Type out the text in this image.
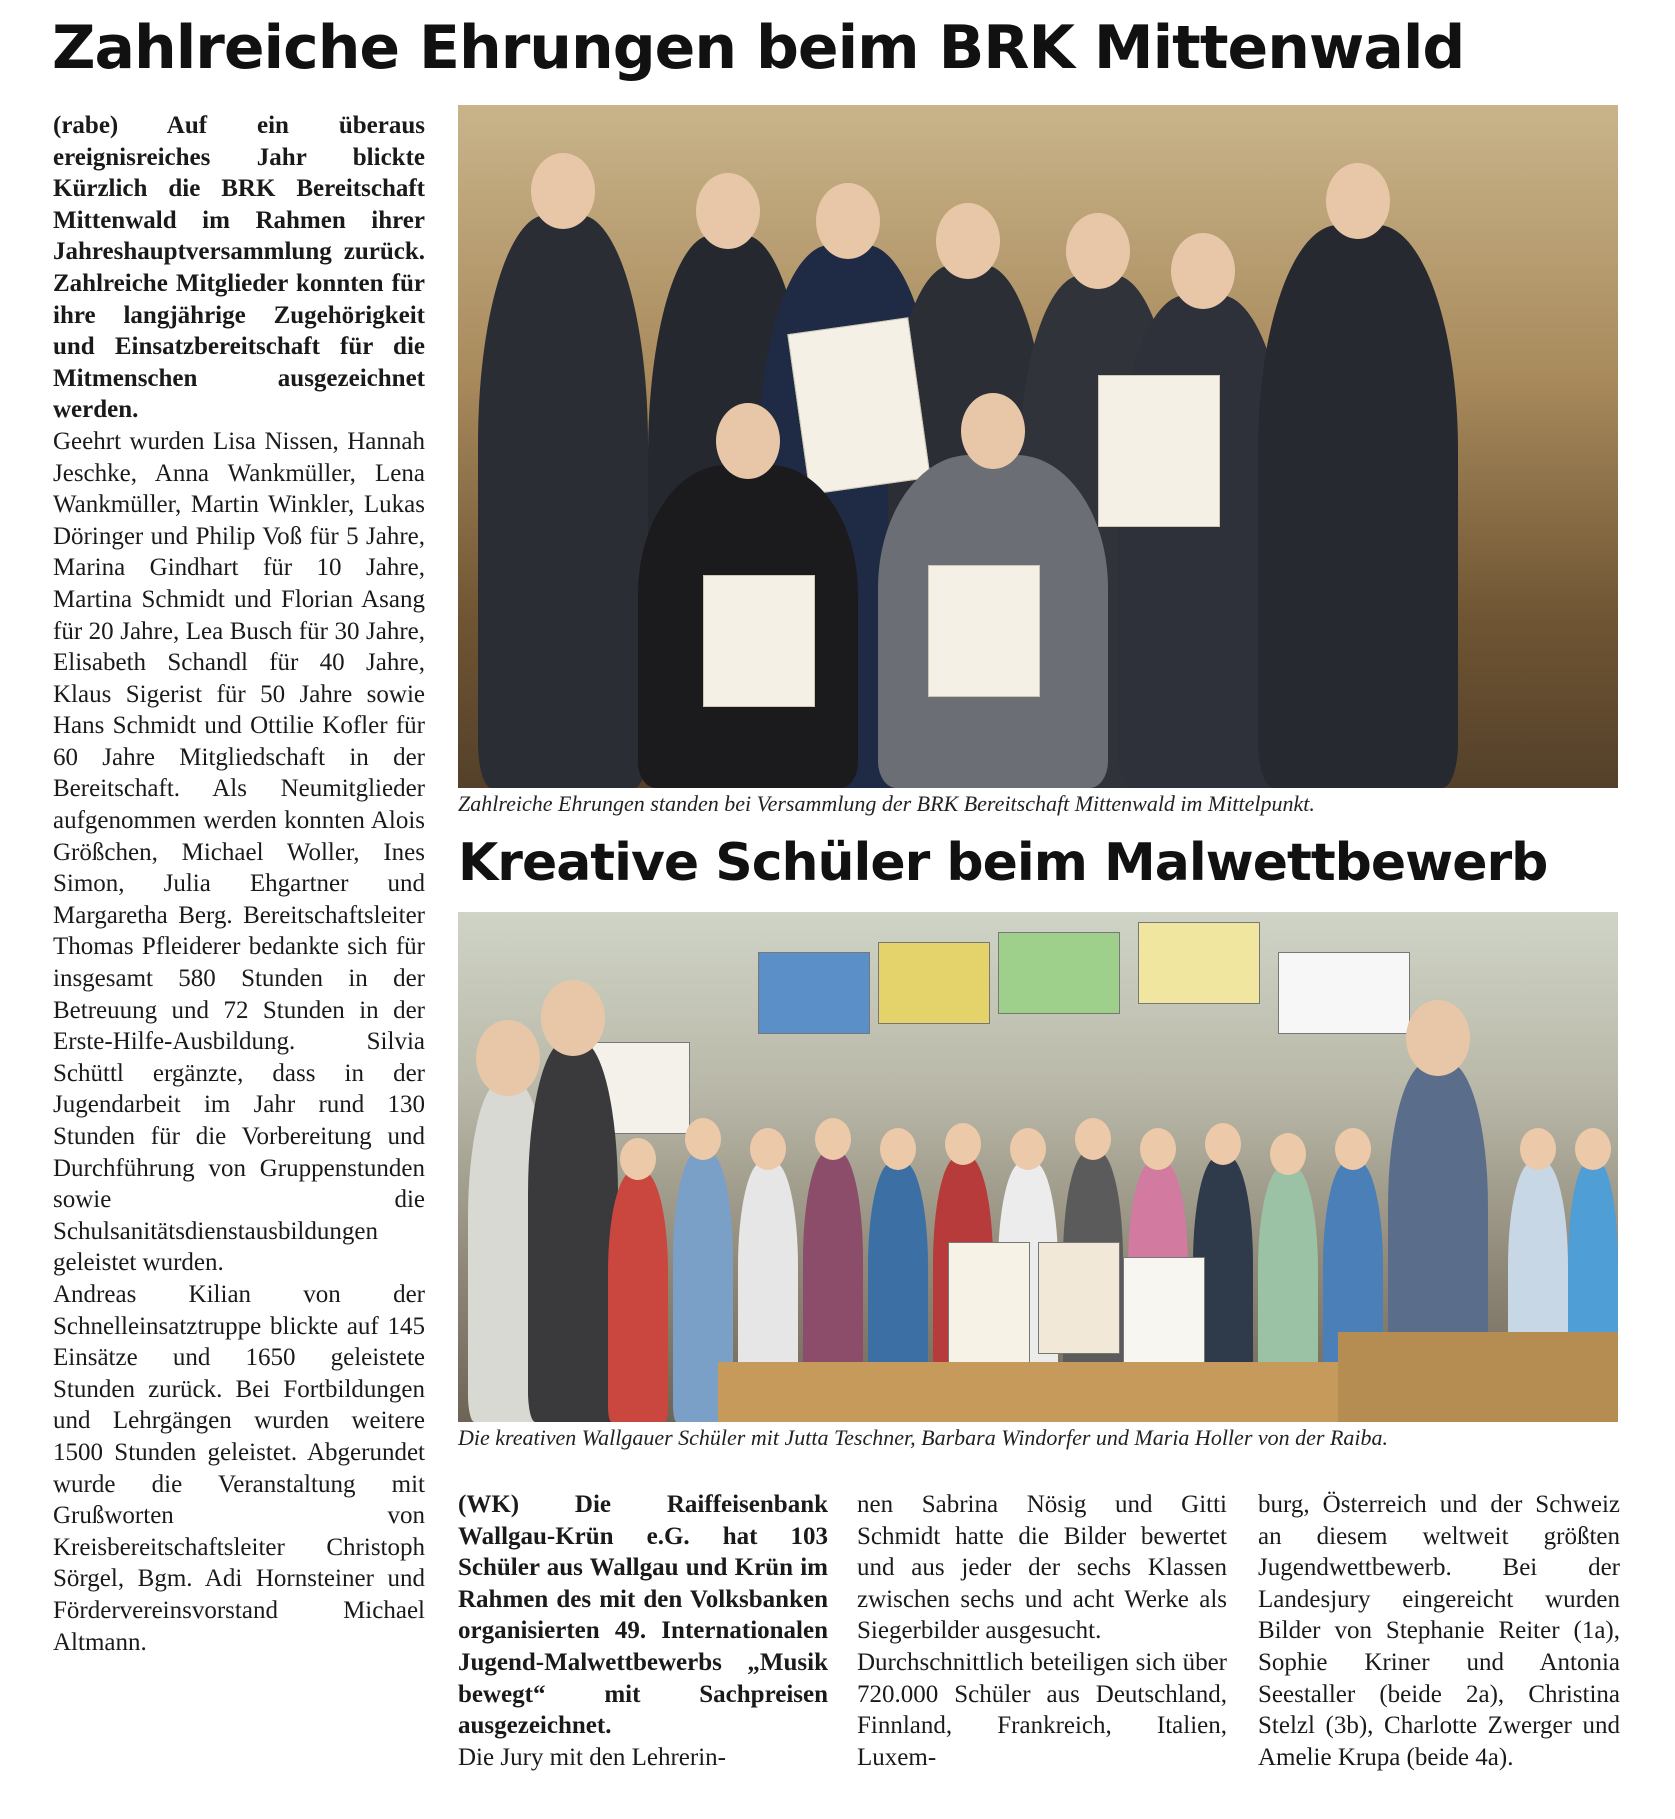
Zahlreiche Ehrungen beim BRK Mittenwald

(rabe) Auf ein überaus ereignisreiches Jahr blickte Kürzlich die BRK Bereitschaft Mittenwald im Rahmen ihrer Jahreshauptversammlung zurück. Zahlreiche Mitglieder konnten für ihre langjährige Zugehörigkeit und Einsatzbereitschaft für die Mitmenschen ausgezeichnet werden.

Geehrt wurden Lisa Nissen, Hannah Jeschke, Anna Wankmüller, Lena Wankmüller, Martin Winkler, Lukas Döringer und Philip Voß für 5 Jahre, Marina Gindhart für 10 Jahre, Martina Schmidt und Florian Asang für 20 Jahre, Lea Busch für 30 Jahre, Elisabeth Schandl für 40 Jahre, Klaus Sigerist für 50 Jahre sowie Hans Schmidt und Ottilie Kofler für 60 Jahre Mitgliedschaft in der Bereitschaft. Als Neumitglieder aufgenommen werden konnten Alois Größchen, Michael Woller, Ines Simon, Julia Ehgartner und Margaretha Berg. Bereitschaftsleiter Thomas Pfleiderer bedankte sich für insgesamt 580 Stunden in der Betreuung und 72 Stunden in der Erste-Hilfe-Ausbildung. Silvia Schüttl ergänzte, dass in der Jugendarbeit im Jahr rund 130 Stunden für die Vorbereitung und Durchführung von Gruppenstunden sowie die Schulsanitätsdienstausbildungen geleistet wurden.

Andreas Kilian von der Schnelleinsatztruppe blickte auf 145 Einsätze und 1650 geleistete Stunden zurück. Bei Fortbildungen und Lehrgängen wurden weitere 1500 Stunden geleistet. Abgerundet wurde die Veranstaltung mit Grußworten von Kreisbereitschaftsleiter Christoph Sörgel, Bgm. Adi Hornsteiner und Fördervereinsvorstand Michael Altmann.

Zahlreiche Ehrungen standen bei Versammlung der BRK Bereitschaft Mittenwald im Mittelpunkt.

Kreative Schüler beim Malwettbewerb

Die kreativen Wallgauer Schüler mit Jutta Teschner, Barbara Windorfer und Maria Holler von der Raiba.

(WK) Die Raiffeisenbank Wallgau-Krün e.G. hat 103 Schüler aus Wallgau und Krün im Rahmen des mit den Volksbanken organisierten 49. Internationalen Jugend-Malwettbewerbs „Musik bewegt“ mit Sachpreisen ausgezeichnet.

Die Jury mit den Lehrerin-

nen Sabrina Nösig und Gitti Schmidt hatte die Bilder bewertet und aus jeder der sechs Klassen zwischen sechs und acht Werke als Siegerbilder ausgesucht.

Durchschnittlich beteiligen sich über 720.000 Schüler aus Deutschland, Finnland, Frankreich, Italien, Luxem-

burg, Österreich und der Schweiz an diesem weltweit größten Jugendwettbewerb. Bei der Landesjury eingereicht wurden Bilder von Stephanie Reiter (1a), Sophie Kriner und Antonia Seestaller (beide 2a), Christina Stelzl (3b), Charlotte Zwerger und Amelie Krupa (beide 4a).
